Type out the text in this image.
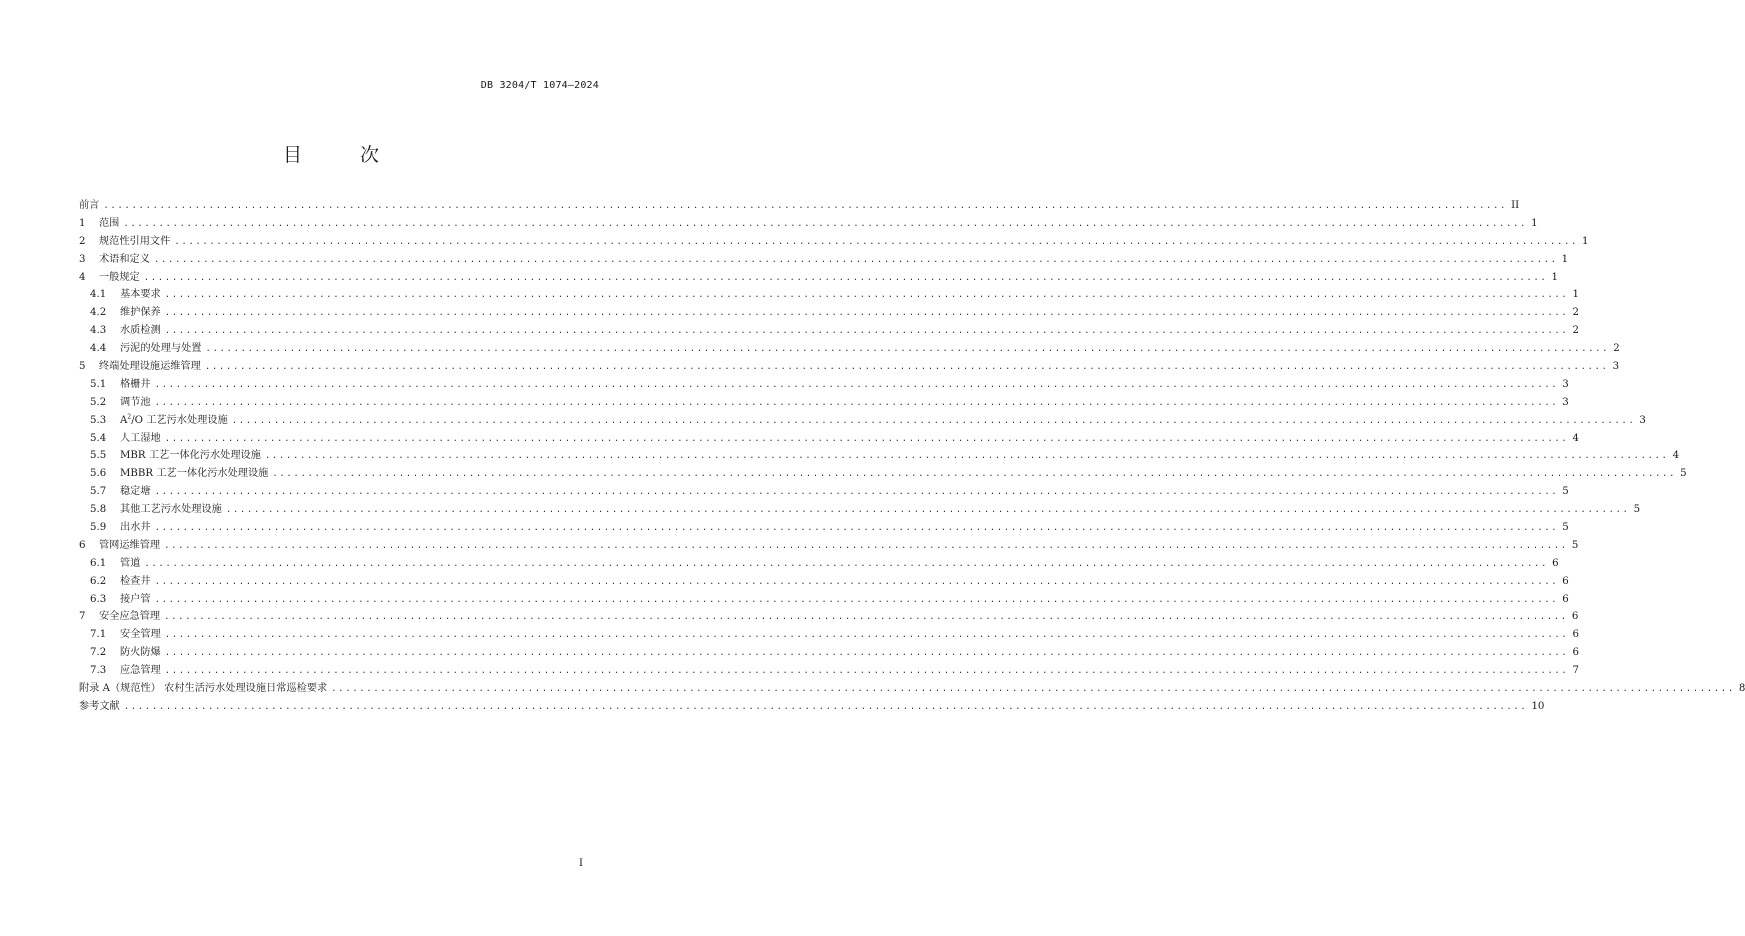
DB 3204/T 1074—2024
目 次
前言 ........................................................................................................................................................................................................ II
1	范围 ........................................................................................................................................................................................................ 1
2	规范性引用文件 ........................................................................................................................................................................................................ 1
3	术语和定义 ........................................................................................................................................................................................................ 1
4	一般规定 ........................................................................................................................................................................................................ 1
4.1	基本要求 ........................................................................................................................................................................................................ 1
4.2	维护保养 ........................................................................................................................................................................................................ 2
4.3	水质检测 ........................................................................................................................................................................................................ 2
4.4	污泥的处理与处置 ........................................................................................................................................................................................................ 2
5	终端处理设施运维管理 ........................................................................................................................................................................................................ 3
5.1	格栅井 ........................................................................................................................................................................................................ 3
5.2	调节池 ........................................................................................................................................................................................................ 3
5.3	$A^2/O$ 工艺污水处理设施 ........................................................................................................................................................................................................ 3
5.4	人工湿地 ........................................................................................................................................................................................................ 4
5.5	MBR 工艺一体化污水处理设施 ........................................................................................................................................................................................................ 4
5.6	MBBR 工艺一体化污水处理设施 ........................................................................................................................................................................................................ 5
5.7	稳定塘 ........................................................................................................................................................................................................ 5
5.8	其他工艺污水处理设施 ........................................................................................................................................................................................................ 5
5.9	出水井 ........................................................................................................................................................................................................ 5
6	管网运维管理 ........................................................................................................................................................................................................ 5
6.1	管道 ........................................................................................................................................................................................................ 6
6.2	检查井 ........................................................................................................................................................................................................ 6
6.3	接户管 ........................................................................................................................................................................................................ 6
7	安全应急管理 ........................................................................................................................................................................................................ 6
7.1	安全管理 ........................................................................................................................................................................................................ 6
7.2	防火防爆 ........................................................................................................................................................................................................ 6
7.3	应急管理 ........................................................................................................................................................................................................ 7
附录 A（规范性） 农村生活污水处理设施日常巡检要求 ........................................................................................................................................................................................................ 8
参考文献 ........................................................................................................................................................................................................ 10
I
